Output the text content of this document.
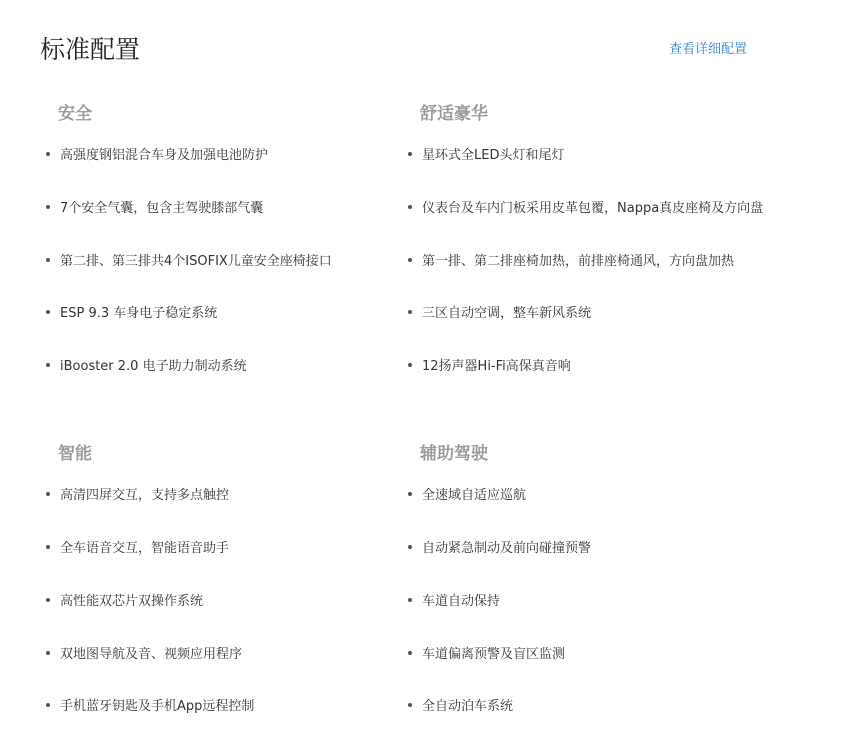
标准配置	查看详细配置
安全
高强度钢铝混合车身及加强电池防护
7个安全气囊，包含主驾驶膝部气囊
第二排、第三排共4个ISOFIX儿童安全座椅接口
ESP 9.3 车身电子稳定系统
iBooster 2.0 电子助力制动系统
舒适豪华
星环式全LED头灯和尾灯
仪表台及车内门板采用皮革包覆，Nappa真皮座椅及方向盘
第一排、第二排座椅加热，前排座椅通风，方向盘加热
三区自动空调，整车新风系统
12扬声器Hi-Fi高保真音响
智能
高清四屏交互，支持多点触控
全车语音交互，智能语音助手
高性能双芯片双操作系统
双地图导航及音、视频应用程序
手机蓝牙钥匙及手机App远程控制
辅助驾驶
全速域自适应巡航
自动紧急制动及前向碰撞预警
车道自动保持
车道偏离预警及盲区监测
全自动泊车系统
